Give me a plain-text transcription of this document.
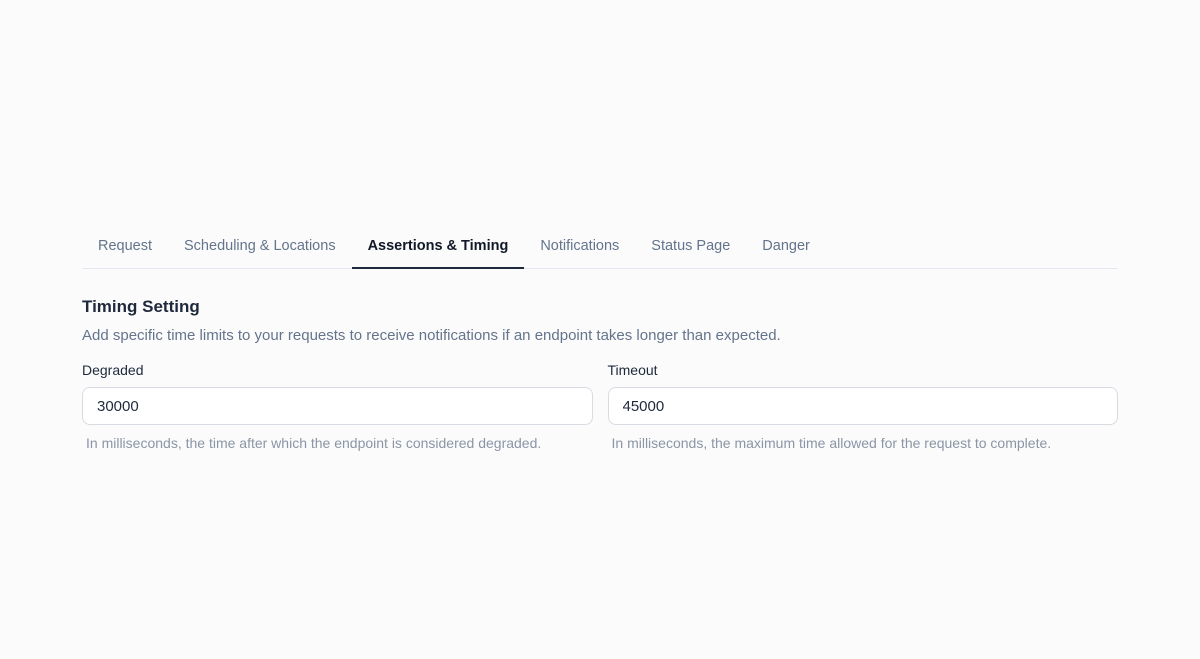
Request	Scheduling & Locations	Assertions & Timing	Notifications	Status Page	Danger
Timing Setting

Add specific time limits to your requests to receive notifications if an endpoint takes longer than expected.

Degraded
30000

In milliseconds, the time after which the endpoint is considered degraded.

Timeout
45000

In milliseconds, the maximum time allowed for the request to complete.
